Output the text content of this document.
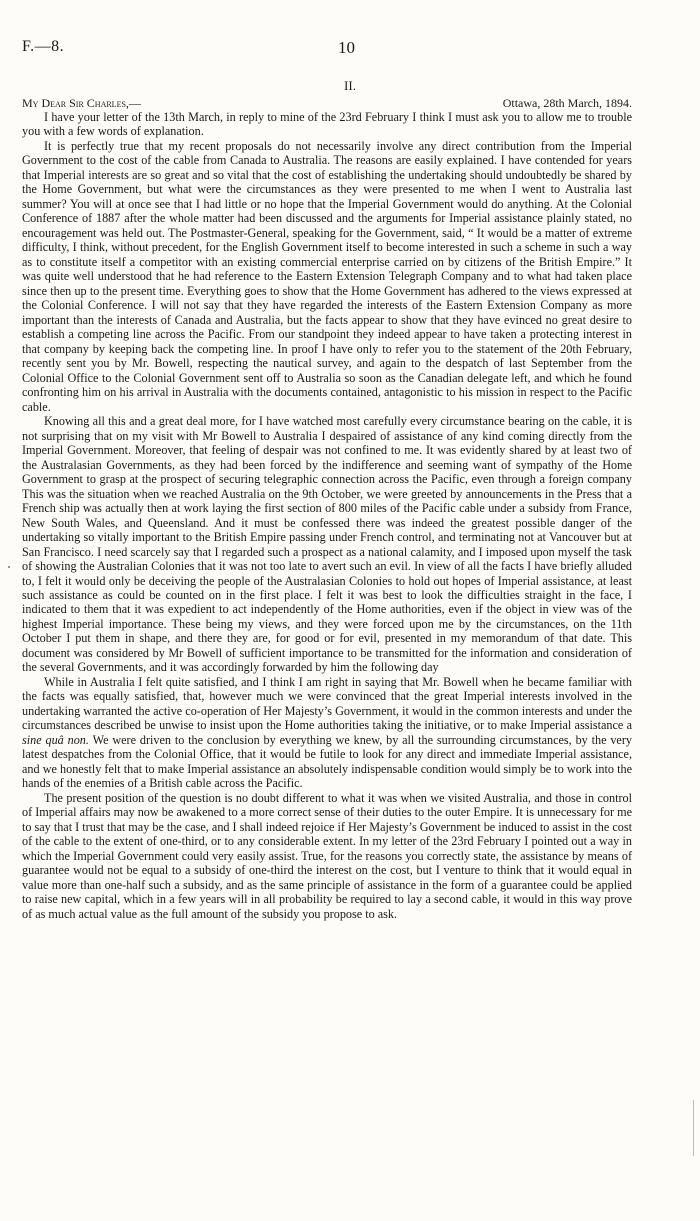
F.—8.	10
II.
My Dear Sir Charles,—	Ottawa, 28th March, 1894.

I have your letter of the 13th March, in reply to mine of the 23rd February I think I must ask you to allow me to trouble you with a few words of explanation.

It is perfectly true that my recent proposals do not necessarily involve any direct contribution from the Imperial Government to the cost of the cable from Canada to Australia. The reasons are easily explained. I have contended for years that Imperial interests are so great and so vital that the cost of establishing the undertaking should undoubtedly be shared by the Home Government, but what were the circumstances as they were presented to me when I went to Australia last summer? You will at once see that I had little or no hope that the Imperial Government would do anything. At the Colonial Conference of 1887 after the whole matter had been discussed and the arguments for Imperial assistance plainly stated, no encouragement was held out. The Postmaster-General, speaking for the Government, said, “ It would be a matter of extreme difficulty, I think, without precedent, for the English Government itself to become interested in such a scheme in such a way as to constitute itself a competitor with an existing commercial enterprise carried on by citizens of the British Empire.” It was quite well understood that he had reference to the Eastern Extension Telegraph Company and to what had taken place since then up to the present time. Everything goes to show that the Home Government has adhered to the views expressed at the Colonial Conference. I will not say that they have regarded the interests of the Eastern Extension Company as more important than the interests of Canada and Australia, but the facts appear to show that they have evinced no great desire to establish a competing line across the Pacific. From our standpoint they indeed appear to have taken a protecting interest in that company by keeping back the competing line. In proof I have only to refer you to the statement of the 20th February, recently sent you by Mr. Bowell, respecting the nautical survey, and again to the despatch of last September from the Colonial Office to the Colonial Government sent off to Australia so soon as the Canadian delegate left, and which he found confronting him on his arrival in Australia with the documents contained, antagonistic to his mission in respect to the Pacific cable.

Knowing all this and a great deal more, for I have watched most carefully every circumstance bearing on the cable, it is not surprising that on my visit with Mr Bowell to Australia I despaired of assistance of any kind coming directly from the Imperial Government. Moreover, that feeling of despair was not confined to me. It was evidently shared by at least two of the Australasian Governments, as they had been forced by the indifference and seeming want of sympathy of the Home Government to grasp at the prospect of securing telegraphic connection across the Pacific, even through a foreign company This was the situation when we reached Australia on the 9th October, we were greeted by announcements in the Press that a French ship was actually then at work laying the first section of 800 miles of the Pacific cable under a subsidy from France, New South Wales, and Queensland. And it must be confessed there was indeed the greatest possible danger of the undertaking so vitally important to the British Empire passing under French control, and terminating not at Vancouver but at San Francisco. I need scarcely say that I regarded such a prospect as a national calamity, and I imposed upon myself the task of showing the Australian Colonies that it was not too late to avert such an evil. In view of all the facts I have briefly alluded to, I felt it would only be deceiving the people of the Australasian Colonies to hold out hopes of Imperial assistance, at least such assistance as could be counted on in the first place. I felt it was best to look the difficulties straight in the face, I indicated to them that it was expedient to act independently of the Home authorities, even if the object in view was of the highest Imperial importance. These being my views, and they were forced upon me by the circumstances, on the 11th October I put them in shape, and there they are, for good or for evil, presented in my memorandum of that date. This document was considered by Mr Bowell of sufficient importance to be transmitted for the information and consideration of the several Governments, and it was accordingly forwarded by him the following day

While in Australia I felt quite satisfied, and I think I am right in saying that Mr. Bowell when he became familiar with the facts was equally satisfied, that, however much we were convinced that the great Imperial interests involved in the undertaking warranted the active co-operation of Her Majesty’s Government, it would in the common interests and under the circumstances described be unwise to insist upon the Home authorities taking the initiative, or to make Imperial assistance a sine quâ non. We were driven to the conclusion by everything we knew, by all the surrounding circumstances, by the very latest despatches from the Colonial Office, that it would be futile to look for any direct and immediate Imperial assistance, and we honestly felt that to make Imperial assistance an absolutely indispensable condition would simply be to work into the hands of the enemies of a British cable across the Pacific.

The present position of the question is no doubt different to what it was when we visited Australia, and those in control of Imperial affairs may now be awakened to a more correct sense of their duties to the outer Empire. It is unnecessary for me to say that I trust that may be the case, and I shall indeed rejoice if Her Majesty’s Government be induced to assist in the cost of the cable to the extent of one-third, or to any considerable extent. In my letter of the 23rd February I pointed out a way in which the Imperial Government could very easily assist. True, for the reasons you correctly state, the assistance by means of guarantee would not be equal to a subsidy of one-third the interest on the cost, but I venture to think that it would equal in value more than one-half such a subsidy, and as the same principle of assistance in the form of a guarantee could be applied to raise new capital, which in a few years will in all probability be required to lay a second cable, it would in this way prove of as much actual value as the full amount of the subsidy you propose to ask.
